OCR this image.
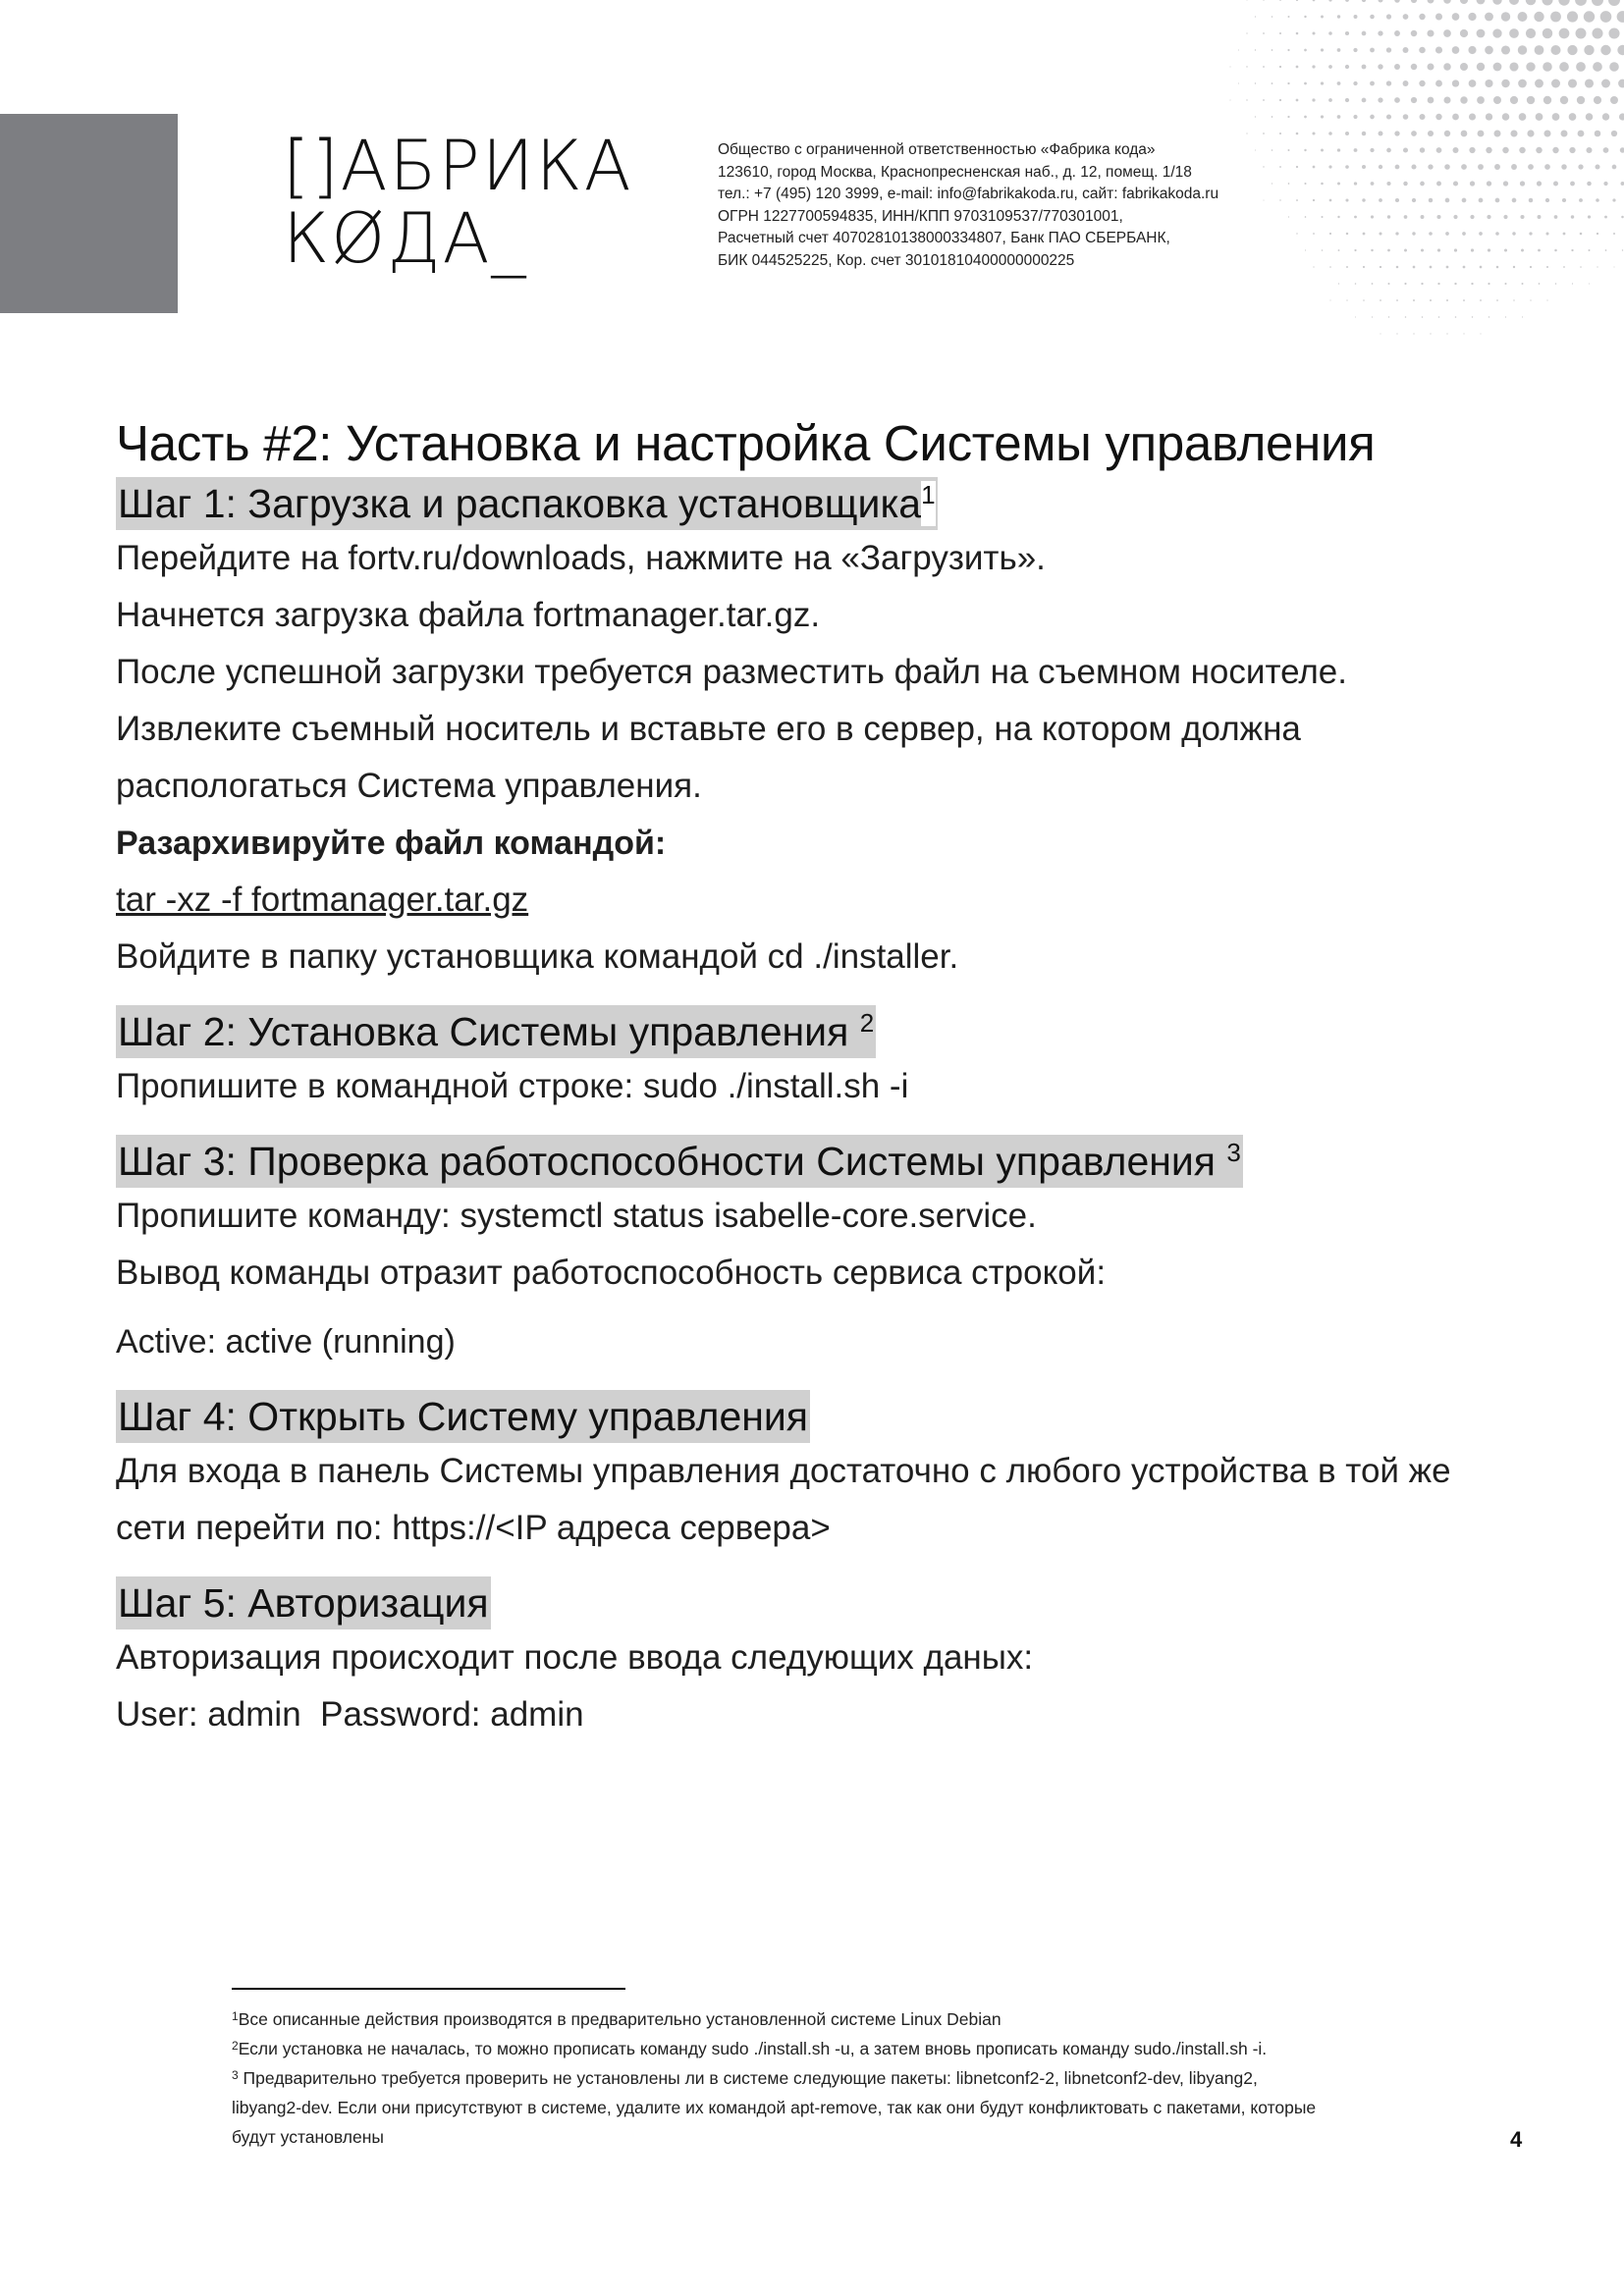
[]АБРИКА
КØДА_
Общество с ограниченной ответственностью «Фабрика кода»
123610, город Москва, Краснопресненская наб., д. 12, помещ. 1/18
тел.: +7 (495) 120 3999, e-mail: info@fabrikakoda.ru, сайт: fabrikakoda.ru
ОГРН 1227700594835, ИНН/КПП 9703109537/770301001,
Расчетный счет 40702810138000334807, Банк ПАО СБЕРБАНК,
БИК 044525225, Кор. счет 30101810400000000225
Часть #2: Установка и настройка Системы управления
Шаг 1: Загрузка и распаковка установщика$^1$

Перейдите на fortv.ru/downloads, нажмите на «Загрузить».

Начнется загрузка файла fortmanager.tar.gz.

После успешной загрузки требуется разместить файл на съемном носителе.

Извлеките съемный носитель и вставьте его в сервер, на котором должна

распологаться Система управления.

Разархивируйте файл командой:

tar -xz -f fortmanager.tar.gz

Войдите в папку установщика командой cd ./installer.

Шаг 2: Установка Системы управления $^2$

Пропишите в командной строке: sudo ./install.sh -i

Шаг 3: Проверка работоспособности Системы управления $^3$

Пропишите команду: systemctl status isabelle-core.service.

Вывод команды отразит работоспособность сервиса строкой:

Active: active (running)

Шаг 4: Открыть Систему управления

Для входа в панель Системы управления достаточно с любого устройства в той же

сети перейти по: https://<IP адреса сервера>

Шаг 5: Авторизация

Авторизация происходит после ввода следующих даных:

User: admin  Password: admin

$^1$Все описанные действия производятся в предварительно установленной системе Linux Debian

$^2$Если установка не началась, то можно прописать команду sudo ./install.sh -u, а затем вновь прописать команду sudo./install.sh -i.

$^3$ Предварительно требуется проверить не установлены ли в системе следующие пакеты: libnetconf2-2, libnetconf2-dev, libyang2,

libyang2-dev. Если они присутствуют в системе, удалите их командой apt-remove, так как они будут конфликтовать с пакетами, которые

будут установлены	4
